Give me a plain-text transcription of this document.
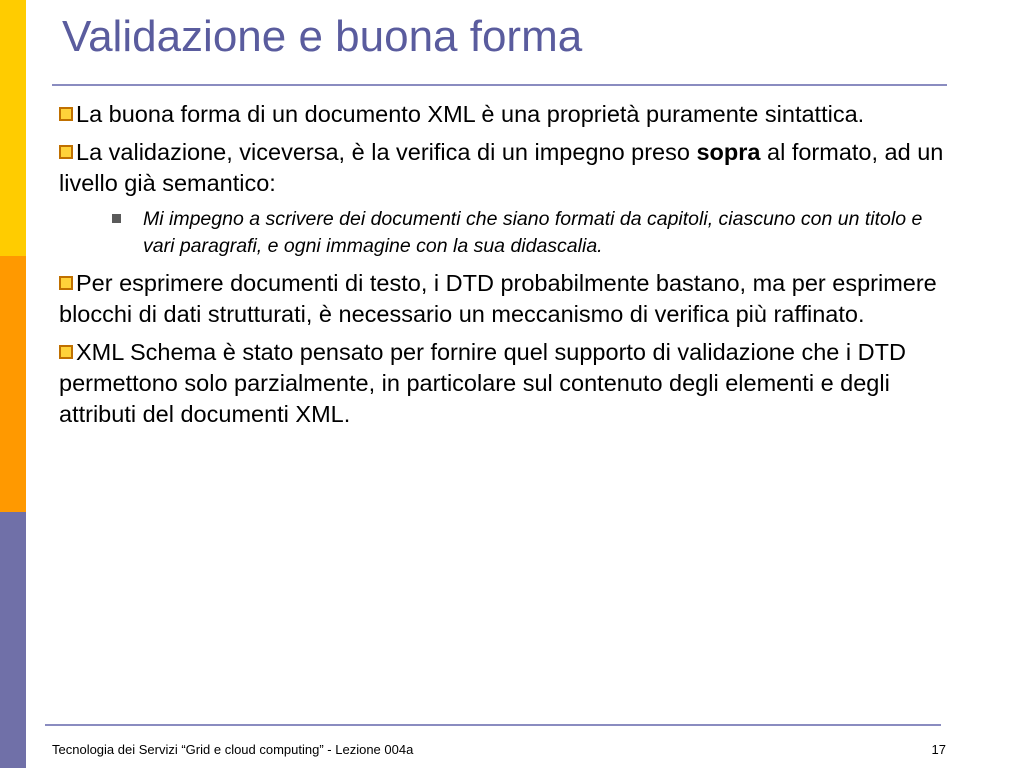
Validazione e buona forma

La buona forma di un documento XML è una proprietà puramente sintattica.

La validazione, viceversa, è la verifica di un impegno preso sopra al formato, ad un livello già semantico:

Mi impegno a scrivere dei documenti che siano formati da capitoli, ciascuno con un titolo e vari paragrafi, e ogni immagine con la sua didascalia.

Per esprimere documenti di testo, i DTD probabilmente bastano, ma per esprimere blocchi di dati strutturati, è necessario un meccanismo di verifica più raffinato.

XML Schema è stato pensato per fornire quel supporto di validazione che i DTD permettono solo parzialmente, in particolare sul contenuto degli elementi e degli attributi del documenti XML.

Tecnologia dei Servizi “Grid e cloud computing” - Lezione 004a	17
